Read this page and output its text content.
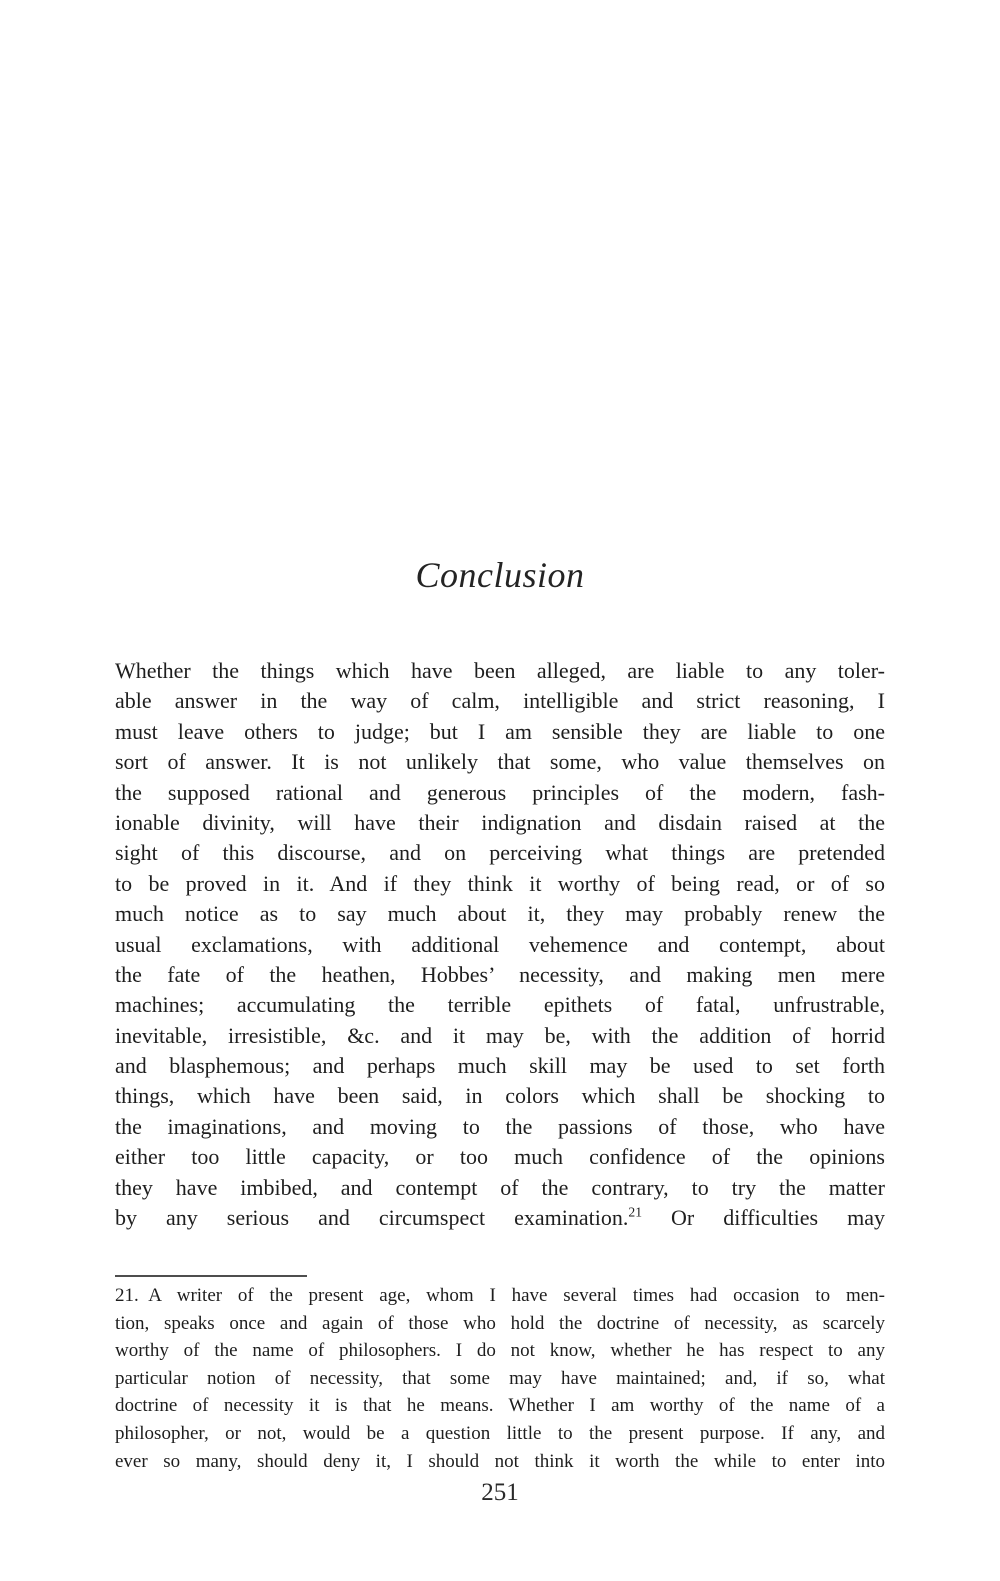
Conclusion
Whether the things which have been alleged, are liable to any toler-
able answer in the way of calm, intelligible and strict reasoning, I
must leave others to judge; but I am sensible they are liable to one
sort of answer. It is not unlikely that some, who value themselves on
the supposed rational and generous principles of the modern, fash-
ionable divinity, will have their indignation and disdain raised at the
sight of this discourse, and on perceiving what things are pretended
to be proved in it. And if they think it worthy of being read, or of so
much notice as to say much about it, they may probably renew the
usual exclamations, with additional vehemence and contempt, about
the fate of the heathen, Hobbes’ necessity, and making men mere
machines; accumulating the terrible epithets of fatal, unfrustrable,
inevitable, irresistible, &c. and it may be, with the addition of horrid
and blasphemous; and perhaps much skill may be used to set forth
things, which have been said, in colors which shall be shocking to
the imaginations, and moving to the passions of those, who have
either too little capacity, or too much confidence of the opinions
they have imbibed, and contempt of the contrary, to try the matter
by any serious and circumspect examination.$^{21}$ Or difficulties may
21. A writer of the present age, whom I have several times had occasion to men-
tion, speaks once and again of those who hold the doctrine of necessity, as scarcely
worthy of the name of philosophers. I do not know, whether he has respect to any
particular notion of necessity, that some may have maintained; and, if so, what
doctrine of necessity it is that he means. Whether I am worthy of the name of a
philosopher, or not, would be a question little to the present purpose. If any, and
ever so many, should deny it, I should not think it worth the while to enter into
251
